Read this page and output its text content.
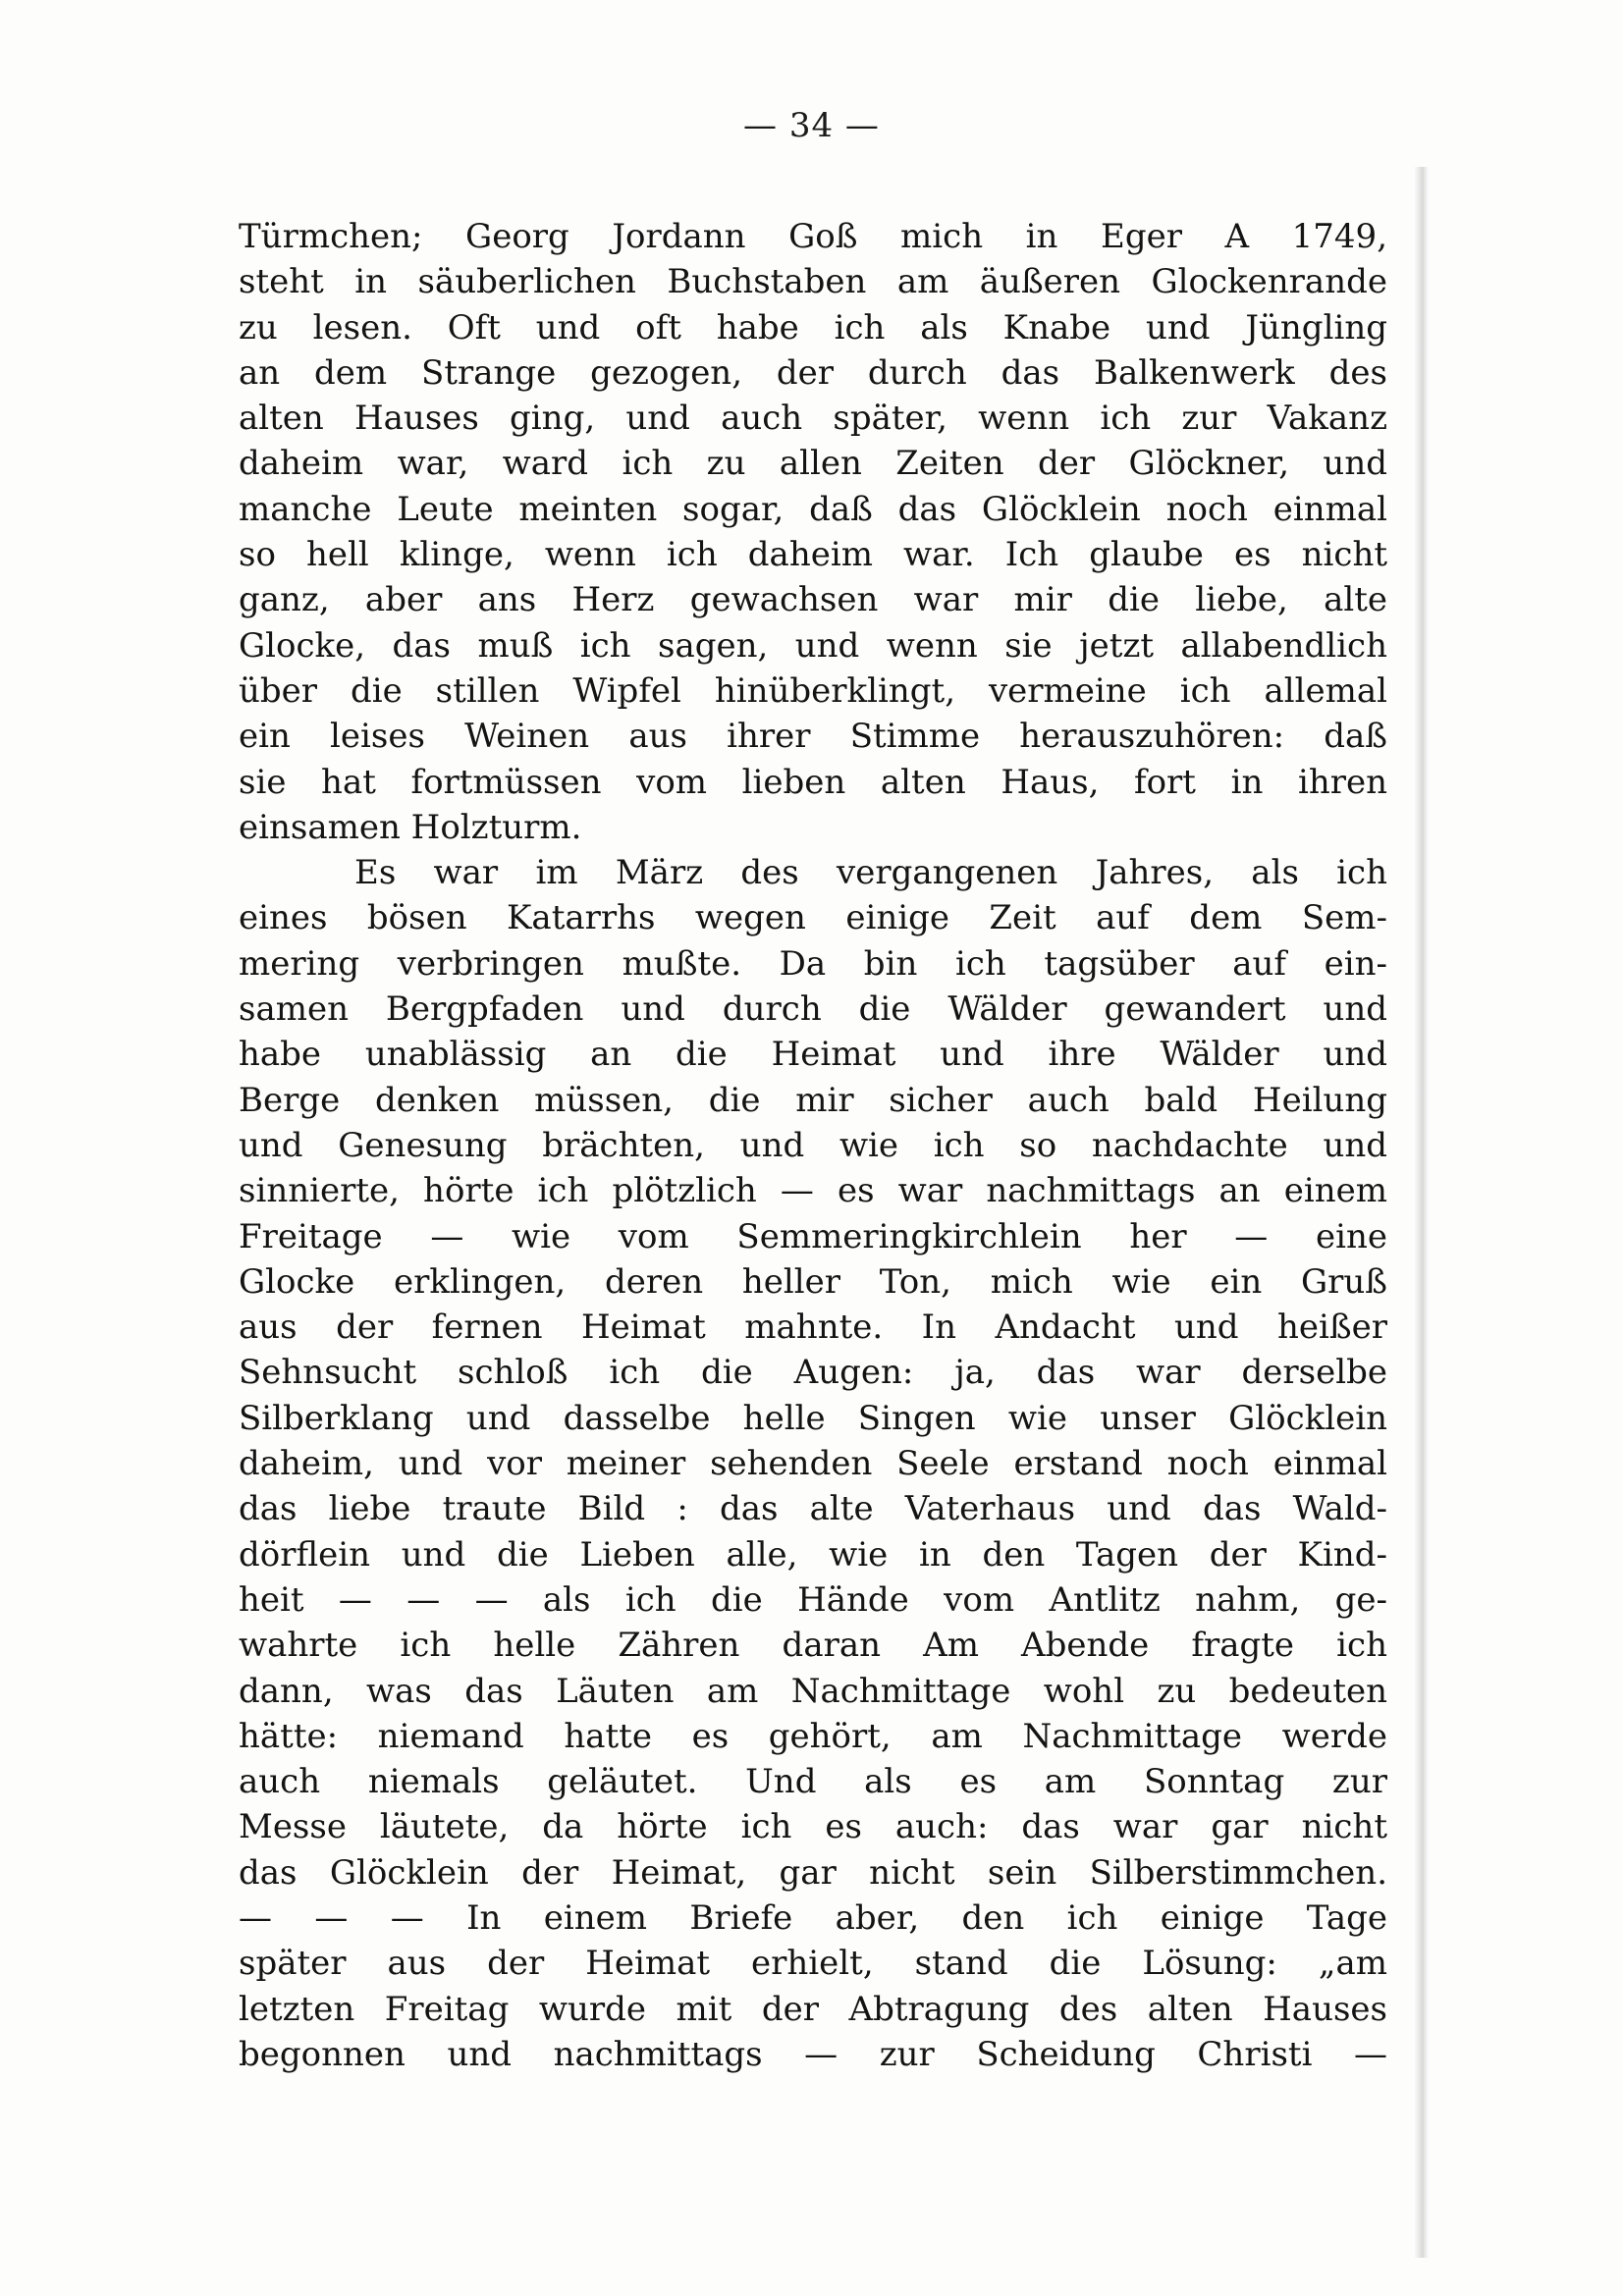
— 34 —
Türmchen; Georg Jordann Goß mich in Eger A 1749,
steht in säuberlichen Buchstaben am äußeren Glockenrande
zu lesen. Oft und oft habe ich als Knabe und Jüngling
an dem Strange gezogen, der durch das Balkenwerk des
alten Hauses ging, und auch später, wenn ich zur Vakanz
daheim war, ward ich zu allen Zeiten der Glöckner, und
manche Leute meinten sogar, daß das Glöcklein noch einmal
so hell klinge, wenn ich daheim war. Ich glaube es nicht
ganz, aber ans Herz gewachsen war mir die liebe, alte
Glocke, das muß ich sagen, und wenn sie jetzt allabendlich
über die stillen Wipfel hinüberklingt, vermeine ich allemal
ein leises Weinen aus ihrer Stimme herauszuhören: daß
sie hat fortmüssen vom lieben alten Haus, fort in ihren
einsamen Holzturm.
Es war im März des vergangenen Jahres, als ich
eines bösen Katarrhs wegen einige Zeit auf dem Sem-
mering verbringen mußte. Da bin ich tagsüber auf ein-
samen Bergpfaden und durch die Wälder gewandert und
habe unablässig an die Heimat und ihre Wälder und
Berge denken müssen, die mir sicher auch bald Heilung
und Genesung brächten, und wie ich so nachdachte und
sinnierte, hörte ich plötzlich — es war nachmittags an einem
Freitage — wie vom Semmeringkirchlein her — eine
Glocke erklingen, deren heller Ton, mich wie ein Gruß
aus der fernen Heimat mahnte. In Andacht und heißer
Sehnsucht schloß ich die Augen: ja, das war derselbe
Silberklang und dasselbe helle Singen wie unser Glöcklein
daheim, und vor meiner sehenden Seele erstand noch einmal
das liebe traute Bild : das alte Vaterhaus und das Wald-
dörflein und die Lieben alle, wie in den Tagen der Kind-
heit — — — als ich die Hände vom Antlitz nahm, ge-
wahrte ich helle Zähren daran Am Abende fragte ich
dann, was das Läuten am Nachmittage wohl zu bedeuten
hätte: niemand hatte es gehört, am Nachmittage werde
auch niemals geläutet. Und als es am Sonntag zur
Messe läutete, da hörte ich es auch: das war gar nicht
das Glöcklein der Heimat, gar nicht sein Silberstimmchen.
— — — In einem Briefe aber, den ich einige Tage
später aus der Heimat erhielt, stand die Lösung: „am
letzten Freitag wurde mit der Abtragung des alten Hauses
begonnen und nachmittags — zur Scheidung Christi —
